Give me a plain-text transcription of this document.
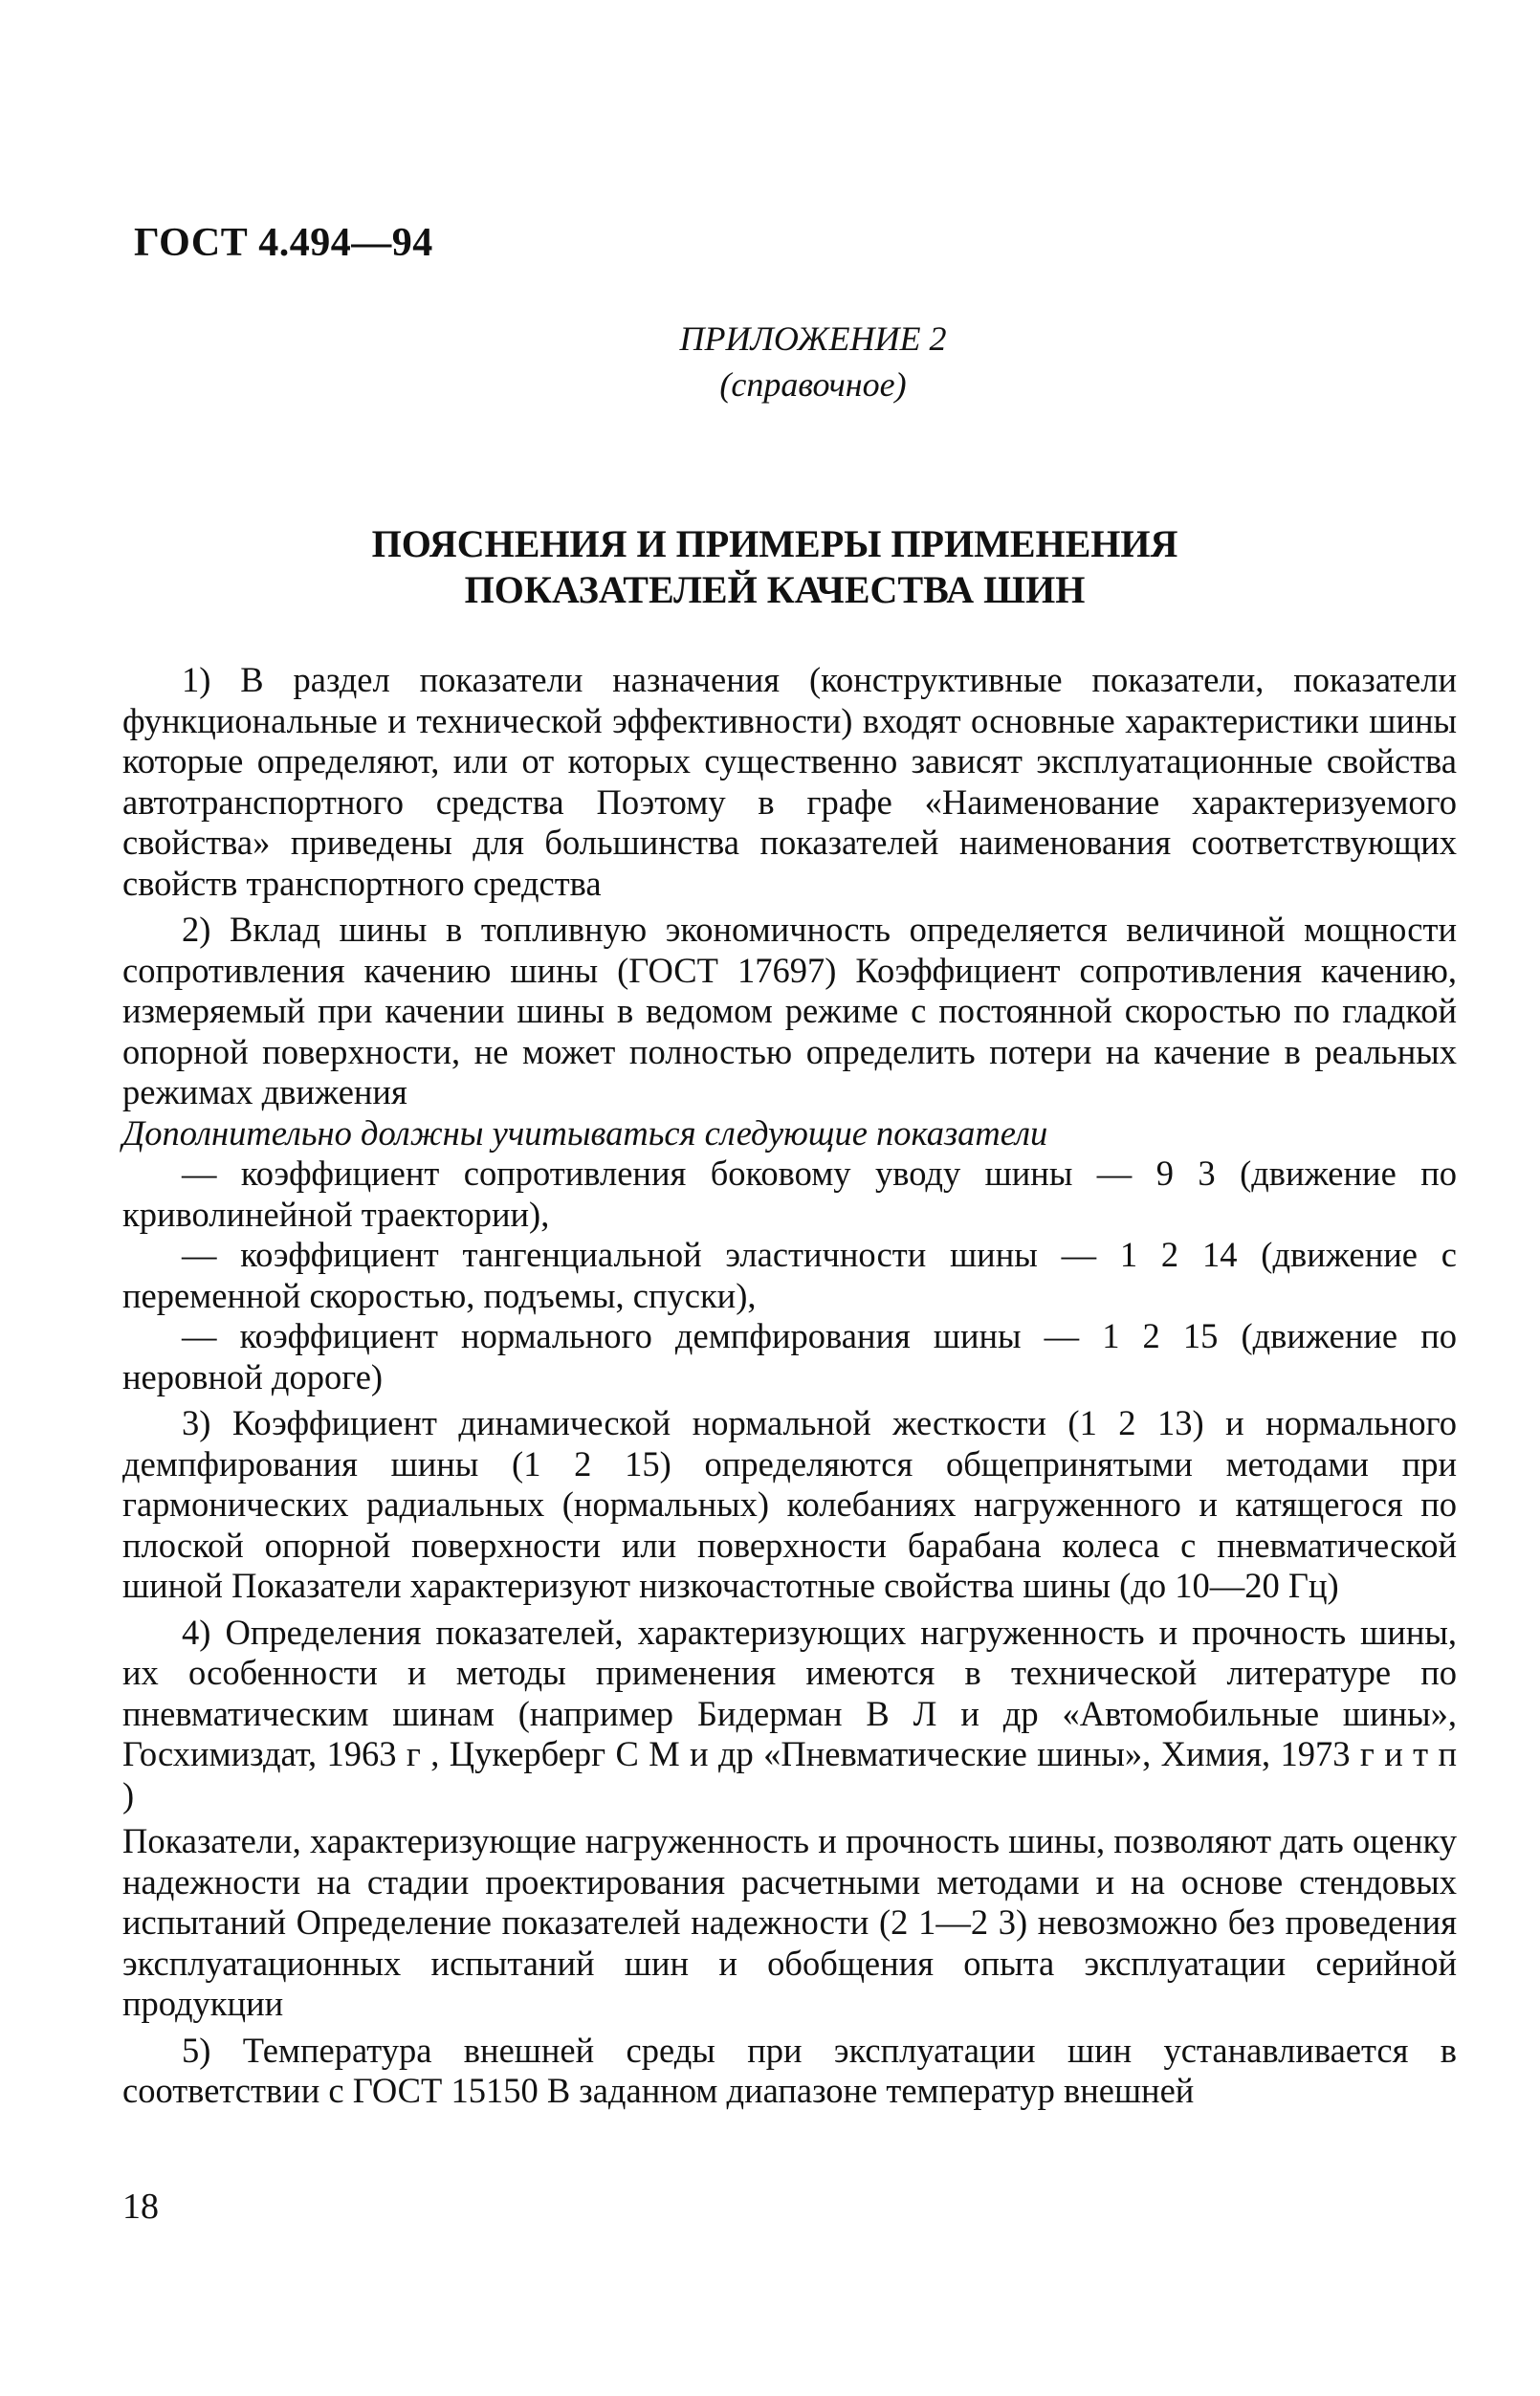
ГОСТ 4.494—94
ПРИЛОЖЕНИЕ 2
(справочное)
ПОЯСНЕНИЯ И ПРИМЕРЫ ПРИМЕНЕНИЯ
ПОКАЗАТЕЛЕЙ КАЧЕСТВА ШИН

1) В раздел показатели назначения (конструктивные показатели, показатели функциональные и технической эффективности) входят основные характеристики шины которые определяют, или от которых существенно зависят эксплуатационные свойства автотранспортного средства Поэтому в графе «Наименование характеризуемого свойства» приведены для большинства показателей наименования соответствующих свойств транспортного средства

2) Вклад шины в топливную экономичность определяется величиной мощности сопротивления качению шины (ГОСТ 17697) Коэффициент сопротивления качению, измеряемый при качении шины в ведомом режиме с постоянной скоростью по гладкой опорной поверхности, не может полностью определить потери на качение в реальных режимах движения

Дополнительно должны учитываться следующие показатели

— коэффициент сопротивления боковому уводу шины — 9 3 (движение по криволинейной траектории),

— коэффициент тангенциальной эластичности шины — 1 2 14 (движение с переменной скоростью, подъемы, спуски),

— коэффициент нормального демпфирования шины — 1 2 15 (движение по неровной дороге)

3) Коэффициент динамической нормальной жесткости (1 2 13) и нормального демпфирования шины (1 2 15) определяются общепринятыми методами при гармонических радиальных (нормальных) колебаниях нагруженного и катящегося по плоской опорной поверхности или поверхности барабана колеса с пневматической шиной Показатели характеризуют низкочастотные свойства шины (до 10—20 Гц)

4) Определения показателей, характеризующих нагруженность и прочность шины, их особенности и методы применения имеются в технической литературе по пневматическим шинам (например Бидерман В Л и др «Автомобильные шины», Госхимиздат, 1963 г , Цукерберг С М и др «Пневматические шины», Химия, 1973 г и т п )

Показатели, характеризующие нагруженность и прочность шины, позволяют дать оценку надежности на стадии проектирования расчетными методами и на основе стендовых испытаний Определение показателей надежности (2 1—2 3) невозможно без проведения эксплуатационных испытаний шин и обобщения опыта эксплуатации серийной продукции

5) Температура внешней среды при эксплуатации шин устанавливается в соответствии с ГОСТ 15150 В заданном диапазоне температур внешней

18
